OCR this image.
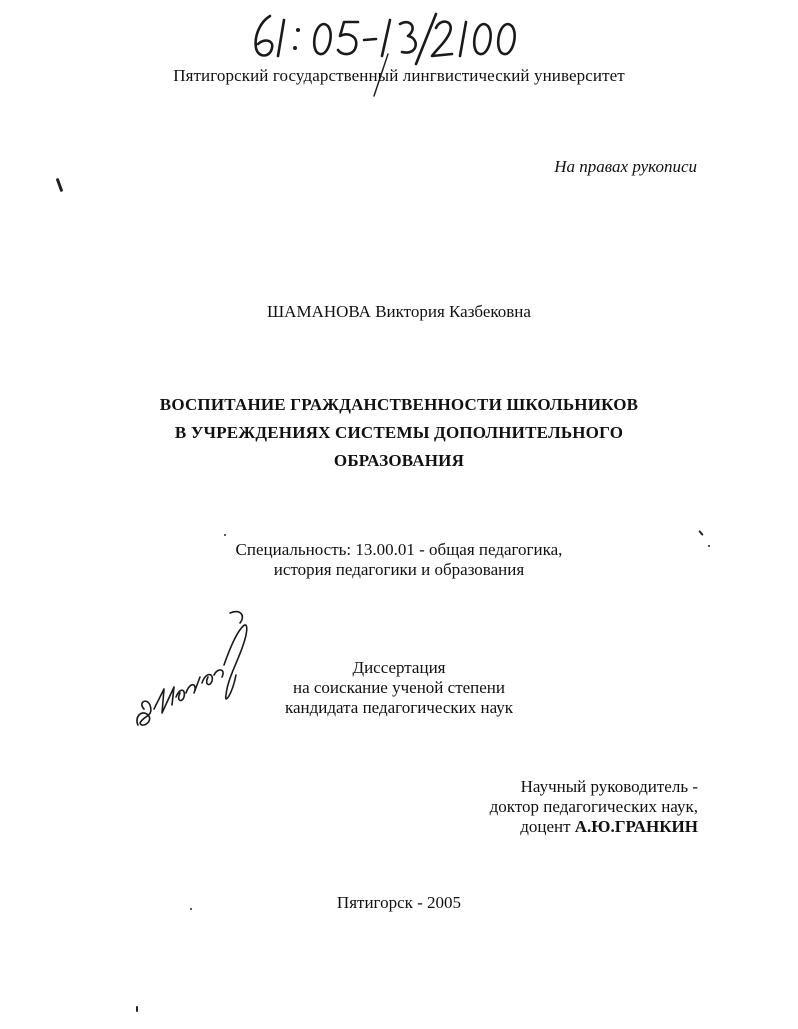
Пятигорский государственный лингвистический университет
На правах рукописи
ШАМАНОВА Виктория Казбековна
ВОСПИТАНИЕ ГРАЖДАНСТВЕННОСТИ ШКОЛЬНИКОВ
В УЧРЕЖДЕНИЯХ СИСТЕМЫ ДОПОЛНИТЕЛЬНОГО
ОБРАЗОВАНИЯ
Специальность: 13.00.01 - общая педагогика,
история педагогики и образования
Диссертация
на соискание ученой степени
кандидата педагогических наук
Научный руководитель -
доктор педагогических наук,
доцент А.Ю.ГРАНКИН
Пятигорск - 2005
